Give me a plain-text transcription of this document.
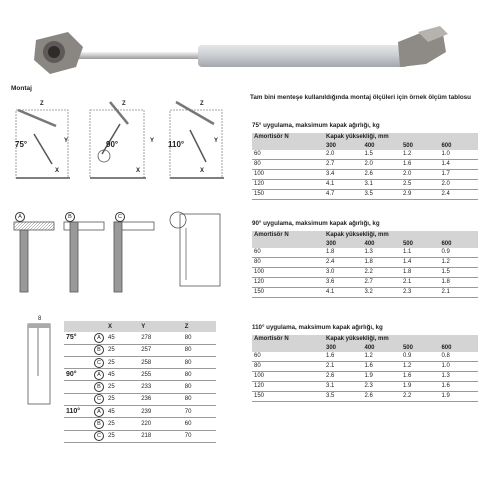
Montaj
75°	90°	110°
Z	Z	Z
Y	Y	Y
X	X	X
A	B	C
8
		X	Y	Z
75°	A	45	278	80
	B	25	257	80
	C	25	258	80
90°	A	45	255	80
	B	25	233	80
	C	25	236	80
110°	A	45	239	70
	B	25	220	60
	C	25	218	70
Tam bini menteşe kullanıldığında montaj ölçüleri için örnek ölçüm tablosu
75° uygulama, maksimum kapak ağırlığı, kg
Amortisör N	Kapak yüksekliği, mm			
	300	400	500	600
60	2.0	1.5	1.2	1.0
80	2.7	2.0	1.6	1.4
100	3.4	2.6	2.0	1.7
120	4.1	3.1	2.5	2.0
150	4.7	3.5	2.9	2.4
90° uygulama, maksimum kapak ağırlığı, kg
Amortisör N	Kapak yüksekliği, mm			
	300	400	500	600
60	1.8	1.3	1.1	0.9
80	2.4	1.8	1.4	1.2
100	3.0	2.2	1.8	1.5
120	3.6	2.7	2.1	1.8
150	4.1	3.2	2.3	2.1
110° uygulama, maksimum kapak ağırlığı, kg
Amortisör N	Kapak yüksekliği, mm			
	300	400	500	600
60	1.6	1.2	0.9	0.8
80	2.1	1.6	1.2	1.0
100	2.6	1.9	1.6	1.3
120	3.1	2.3	1.9	1.6
150	3.5	2.6	2.2	1.9
